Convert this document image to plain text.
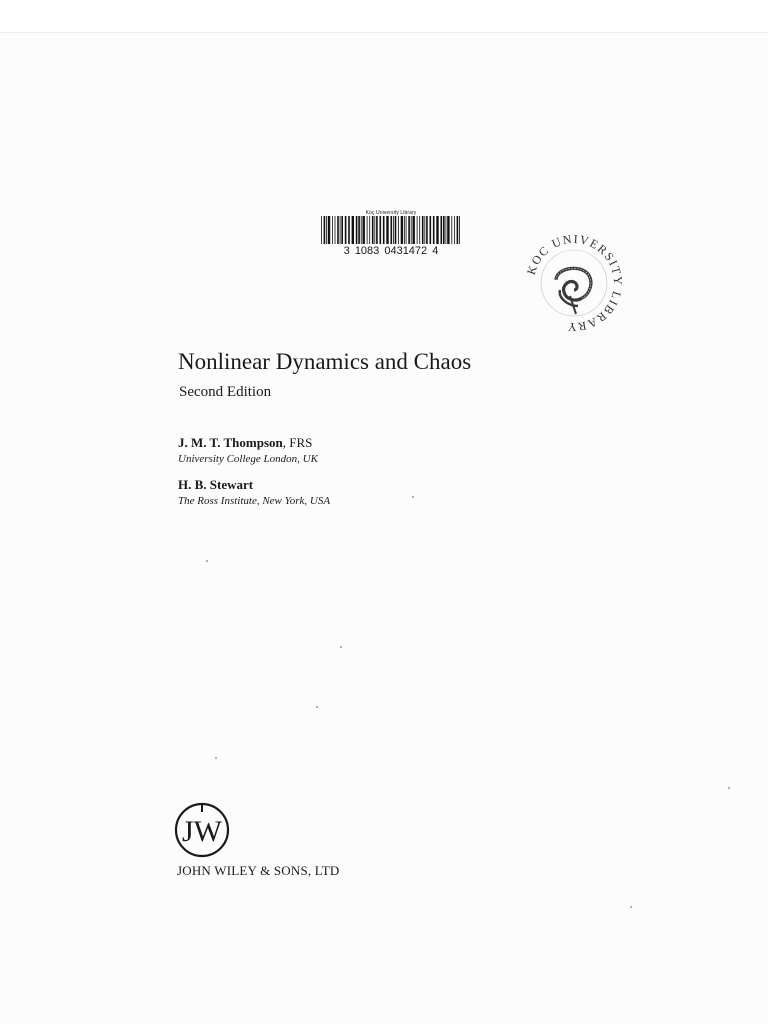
Koç University Library
3 1083 0431472 4
KOC UNIVERSITY LIBRARY
Nonlinear Dynamics and Chaos
Second Edition
J. M. T. Thompson, FRS
University College London, UK
H. B. Stewart
The Ross Institute, New York, USA
JW
JOHN WILEY & SONS, LTD
